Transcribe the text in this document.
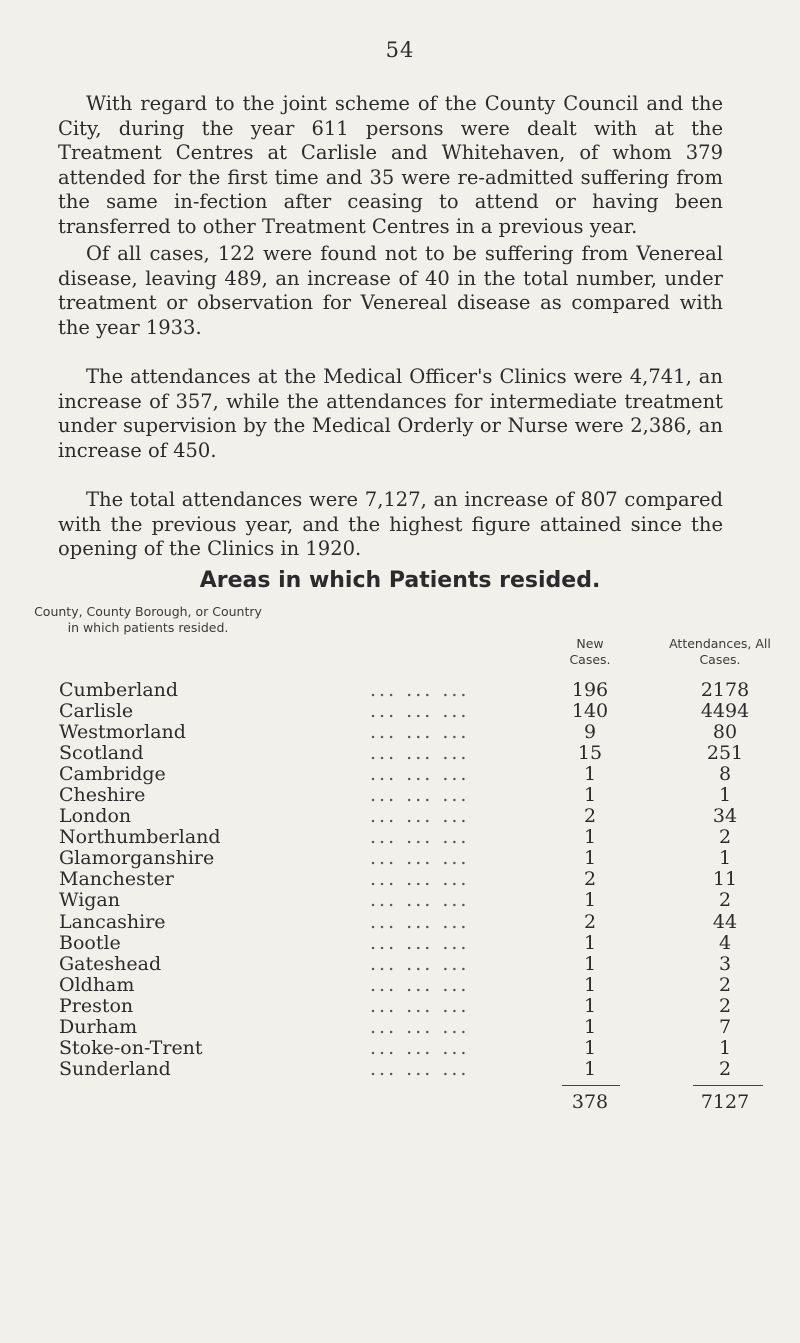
54

With regard to the joint scheme of the County Council and the City, during the year 611 persons were dealt with at the Treatment Centres at Carlisle and Whitehaven, of whom 379 attended for the first time and 35 were re-admitted suffering from the same in-fection after ceasing to attend or having been transferred to other Treatment Centres in a previous year.

Of all cases, 122 were found not to be suffering from Venereal disease, leaving 489, an increase of 40 in the total number, under treatment or observation for Venereal disease as compared with the year 1933.

The attendances at the Medical Officer's Clinics were 4,741, an increase of 357, while the attendances for intermediate treatment under supervision by the Medical Orderly or Nurse were 2,386, an increase of 450.

The total attendances were 7,127, an increase of 807 compared with the previous year, and the highest figure attained since the opening of the Clinics in 1920.

Areas in which Patients resided.
County, County Borough, or Country in which patients resided.
New Cases.
Attendances, All Cases.
Cumberland	... ... ...	196	2178
Carlisle	... ... ...	140	4494
Westmorland	... ... ...	9	80
Scotland	... ... ...	15	251
Cambridge	... ... ...	1	8
Cheshire	... ... ...	1	1
London	... ... ...	2	34
Northumberland	... ... ...	1	2
Glamorganshire	... ... ...	1	1
Manchester	... ... ...	2	11
Wigan	... ... ...	1	2
Lancashire	... ... ...	2	44
Bootle	... ... ...	1	4
Gateshead	... ... ...	1	3
Oldham	... ... ...	1	2
Preston	... ... ...	1	2
Durham	... ... ...	1	7
Stoke-on-Trent	... ... ...	1	1
Sunderland	... ... ...	1	2
378	7127
